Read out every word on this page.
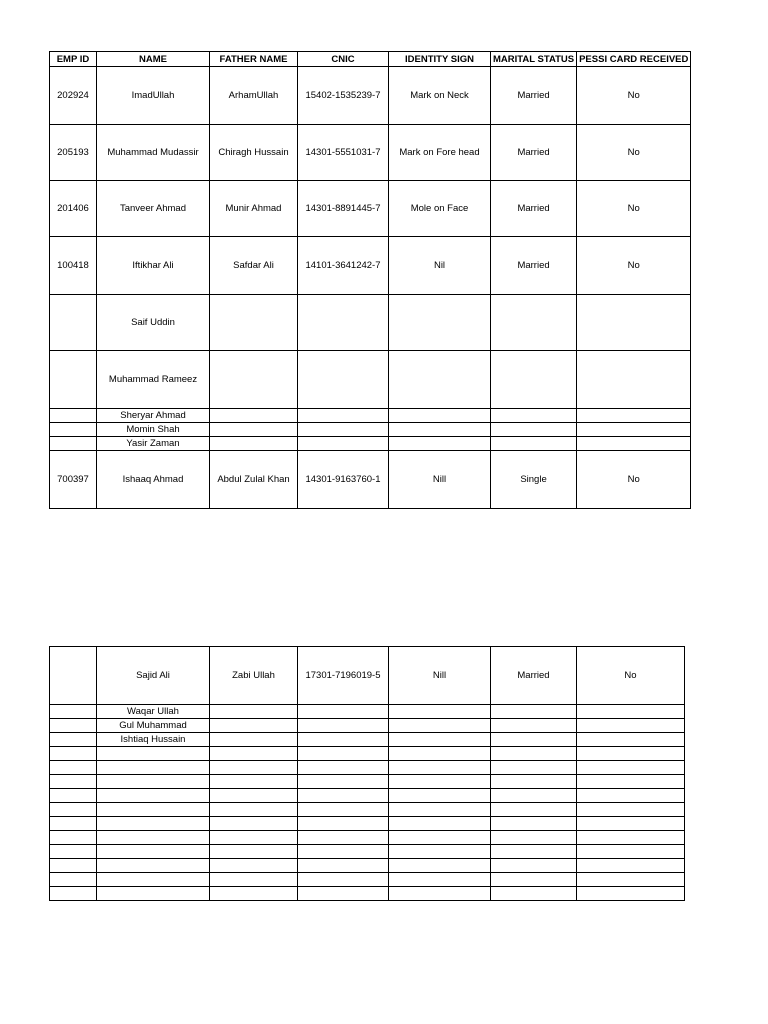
EMP ID	NAME	FATHER NAME	CNIC	IDENTITY SIGN	MARITAL STATUS	PESSI CARD RECEIVED
202924	ImadUllah	ArhamUllah	15402-1535239-7	Mark on Neck	Married	No
205193	Muhammad Mudassir	Chiragh Hussain	14301-5551031-7	Mark on Fore head	Married	No
201406	Tanveer Ahmad	Munir Ahmad	14301-8891445-7	Mole on Face	Married	No
100418	Iftikhar Ali	Safdar Ali	14101-3641242-7	Nil	Married	No
	Saif Uddin					
	Muhammad Rameez					
	Sheryar Ahmad					
	Momin Shah					
	Yasir Zaman					
700397	Ishaaq Ahmad	Abdul Zulal Khan	14301-9163760-1	Nill	Single	No
	Sajid Ali	Zabi Ullah	17301-7196019-5	Nill	Married	No
	Waqar Ullah					
	Gul Muhammad					
	Ishtiaq Hussain					
